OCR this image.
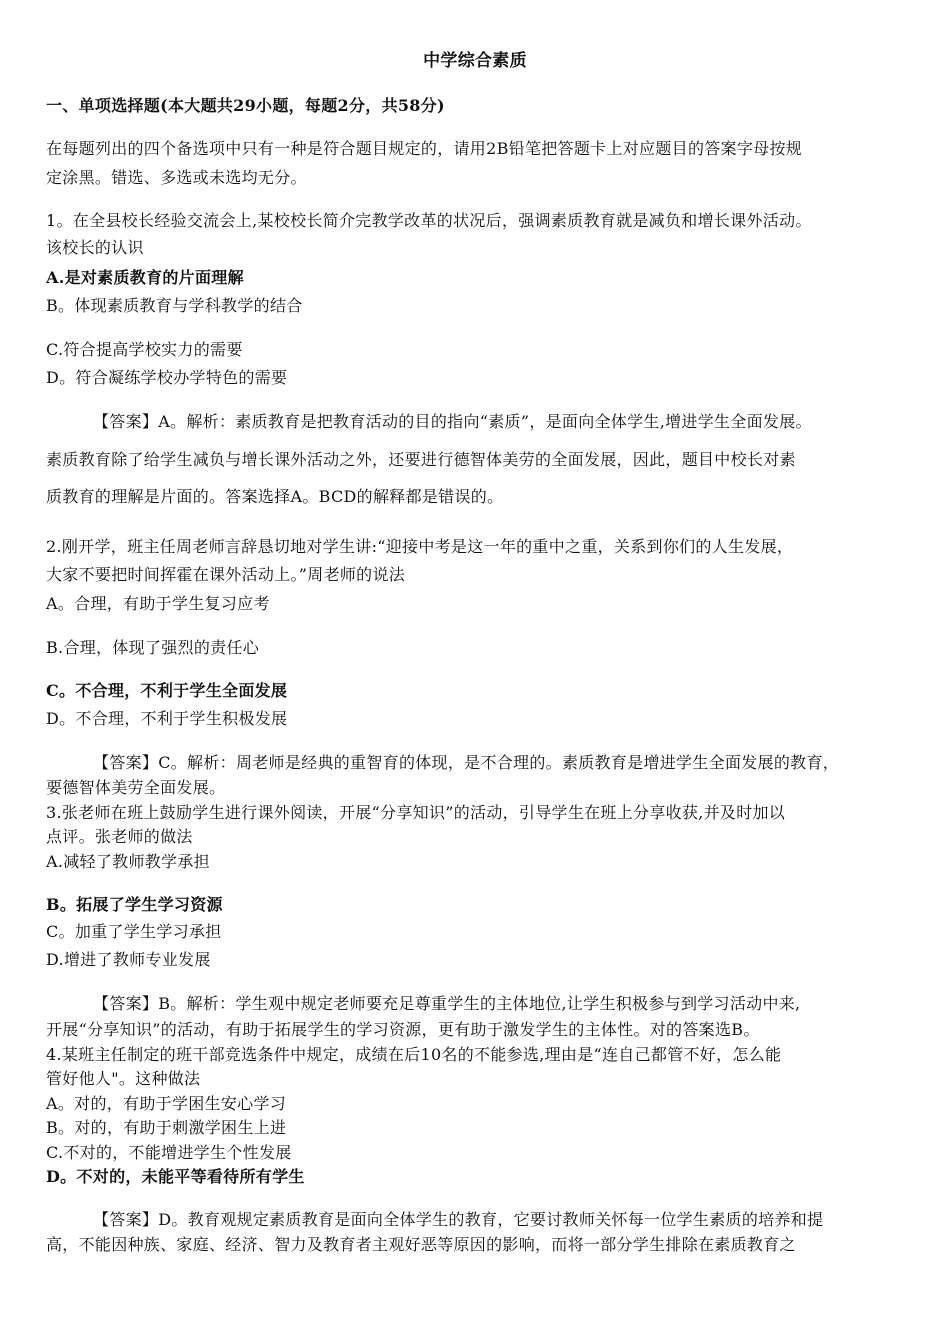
中学综合素质
一、单项选择题(本大题共29小题，每题2分，共58分)
在每题列出的四个备选项中只有一种是符合题目规定的，请用2B铅笔把答题卡上对应题目的答案字母按规
定涂黑。错选、多选或未选均无分。
1。在全县校长经验交流会上,某校校长简介完教学改革的状况后，强调素质教育就是减负和增长课外活动。
该校长的认识
A.是对素质教育的片面理解
B。体现素质教育与学科教学的结合
C.符合提高学校实力的需要
D。符合凝练学校办学特色的需要
【答案】A。解析：素质教育是把教育活动的目的指向“素质”，是面向全体学生,增进学生全面发展。
素质教育除了给学生减负与增长课外活动之外，还要进行德智体美劳的全面发展，因此，题目中校长对素
质教育的理解是片面的。答案选择A。BCD的解释都是错误的。
2.刚开学，班主任周老师言辞恳切地对学生讲:“迎接中考是这一年的重中之重，关系到你们的人生发展，
大家不要把时间挥霍在课外活动上。”周老师的说法
A。合理，有助于学生复习应考
B.合理，体现了强烈的责任心
C。不合理，不利于学生全面发展
D。不合理，不利于学生积极发展
【答案】C。解析：周老师是经典的重智育的体现，是不合理的。素质教育是增进学生全面发展的教育，
要德智体美劳全面发展。
3.张老师在班上鼓励学生进行课外阅读，开展“分享知识”的活动，引导学生在班上分享收获,并及时加以
点评。张老师的做法
A.减轻了教师教学承担
B。拓展了学生学习资源
C。加重了学生学习承担
D.增进了教师专业发展
【答案】B。解析：学生观中规定老师要充足尊重学生的主体地位,让学生积极参与到学习活动中来,
开展“分享知识”的活动，有助于拓展学生的学习资源，更有助于激发学生的主体性。对的答案选B。
4.某班主任制定的班干部竞选条件中规定，成绩在后10名的不能参选,理由是“连自己都管不好，怎么能
管好他人"。这种做法
A。对的，有助于学困生安心学习
B。对的，有助于刺激学困生上进
C.不对的，不能增进学生个性发展
D。不对的，未能平等看待所有学生
【答案】D。教育观规定素质教育是面向全体学生的教育，它要讨教师关怀每一位学生素质的培养和提
高，不能因种族、家庭、经济、智力及教育者主观好恶等原因的影响，而将一部分学生排除在素质教育之
